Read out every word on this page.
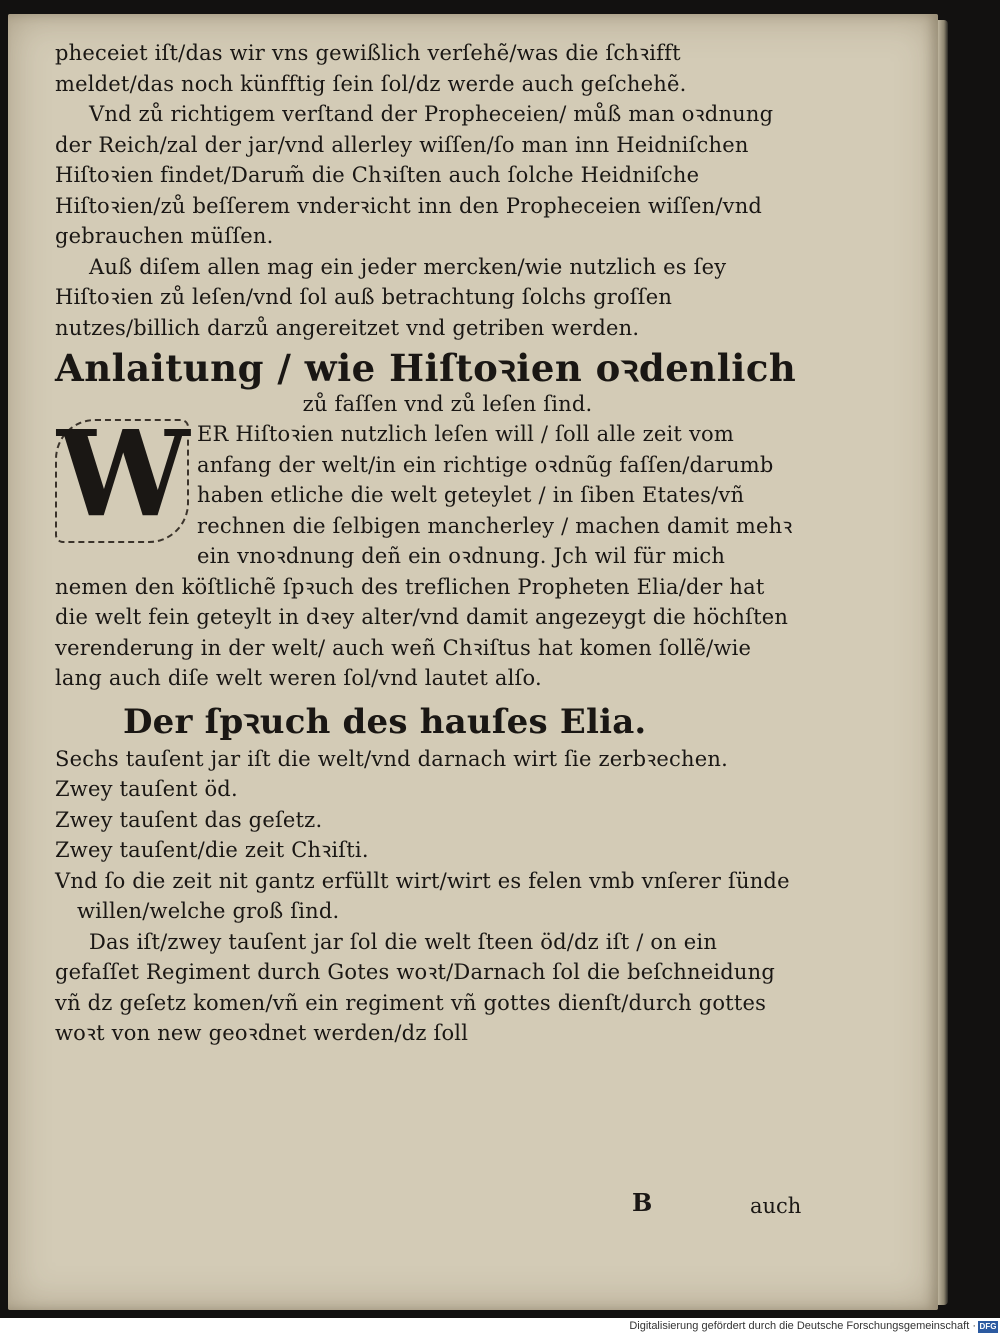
pheceiet iſt/das wir vns gewißlich verſehẽ/was die ſchꝛifft meldet/das noch künfftig ſein ſol/dz werde auch geſchehẽ.

Vnd zů richtigem verſtand der Propheceien/ můß man oꝛdnung der Reich/zal der jar/vnd allerley wiſſen/ſo man inn Heidniſchen Hiſtoꝛien findet/Darum̃ die Chꝛiſten auch ſolche Heidniſche Hiſtoꝛien/zů beſſerem vnderꝛicht inn den Propheceien wiſſen/vnd gebrauchen müſſen.

Auß diſem allen mag ein jeder mercken/wie nutzlich es ſey Hiſtoꝛien zů leſen/vnd ſol auß betrachtung ſolchs groſſen nutzes/billich darzů angereitzet vnd getriben werden.

Anlaitung / wie Hiſtoꝛien oꝛdenlich

zů faſſen vnd zů leſen ſind.

W ER Hiſtoꝛien nutzlich leſen will / ſoll alle zeit vom anfang der welt/in ein richtige oꝛdnũg faſſen/darumb haben etliche die welt geteylet / in ſiben Etates/vñ rechnen die ſelbigen mancherley / machen damit mehꝛ ein vnoꝛdnung deñ ein oꝛdnung. Jch wil für mich nemen den köſtlichẽ ſpꝛuch des treflichen Propheten Elia/der hat die welt fein geteylt in dꝛey alter/vnd damit angezeygt die höchſten verenderung in der welt/ auch weñ Chꝛiſtus hat komen ſollẽ/wie lang auch diſe welt weren ſol/vnd lautet alſo.

Der ſpꝛuch des hauſes Elia.

Sechs tauſent jar iſt die welt/vnd darnach wirt ſie zerbꝛechen.

Zwey tauſent öd.

Zwey tauſent das geſetz.

Zwey tauſent/die zeit Chꝛiſti.

Vnd ſo die zeit nit gantz erfüllt wirt/wirt es felen vmb vnſerer ſünde willen/welche groß ſind.

Das iſt/zwey tauſent jar ſol die welt ſteen öd/dz iſt / on ein gefaſſet Regiment durch Gotes woꝛt/Darnach ſol die beſchneidung vñ dz geſetz komen/vñ ein regiment vñ gottes dienſt/durch gottes woꝛt von new geoꝛdnet werden/dz ſoll

B	auch
Digitalisierung gefördert durch die Deutsche Forschungsgemeinschaft · DFG
